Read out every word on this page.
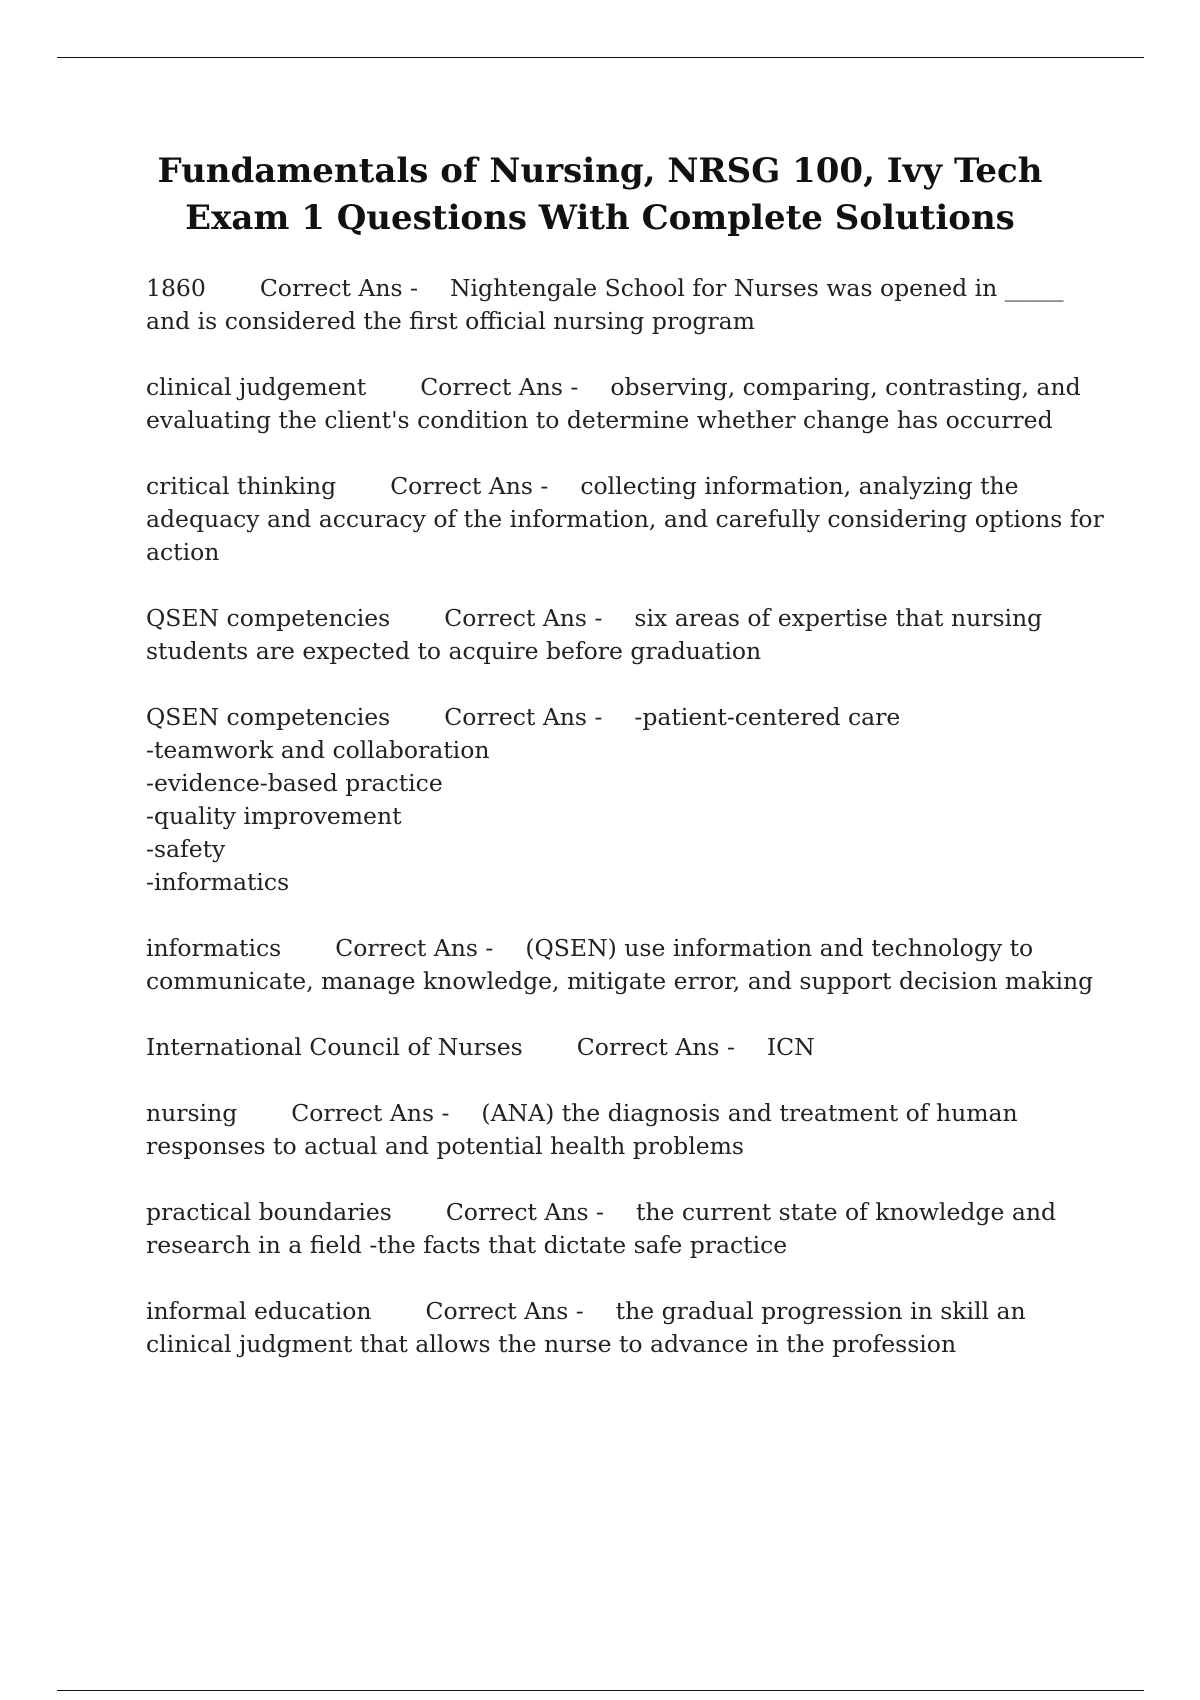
Fundamentals of Nursing, NRSG 100, Ivy Tech
Exam 1 Questions With Complete Solutions

1860 Correct Ans - Nightengale School for Nurses was opened in _____ and is considered the first official nursing program

clinical judgement Correct Ans - observing, comparing, contrasting, and evaluating the client's condition to determine whether change has occurred

critical thinking Correct Ans - collecting information, analyzing the adequacy and accuracy of the information, and carefully considering options for action

QSEN competencies Correct Ans - six areas of expertise that nursing students are expected to acquire before graduation

QSEN competencies Correct Ans - -patient-centered care
-teamwork and collaboration
-evidence-based practice
-quality improvement
-safety
-informatics

informatics Correct Ans - (QSEN) use information and technology to communicate, manage knowledge, mitigate error, and support decision making

International Council of Nurses Correct Ans - ICN

nursing Correct Ans - (ANA) the diagnosis and treatment of human responses to actual and potential health problems

practical boundaries Correct Ans - the current state of knowledge and research in a field -the facts that dictate safe practice

informal education Correct Ans - the gradual progression in skill an clinical judgment that allows the nurse to advance in the profession
